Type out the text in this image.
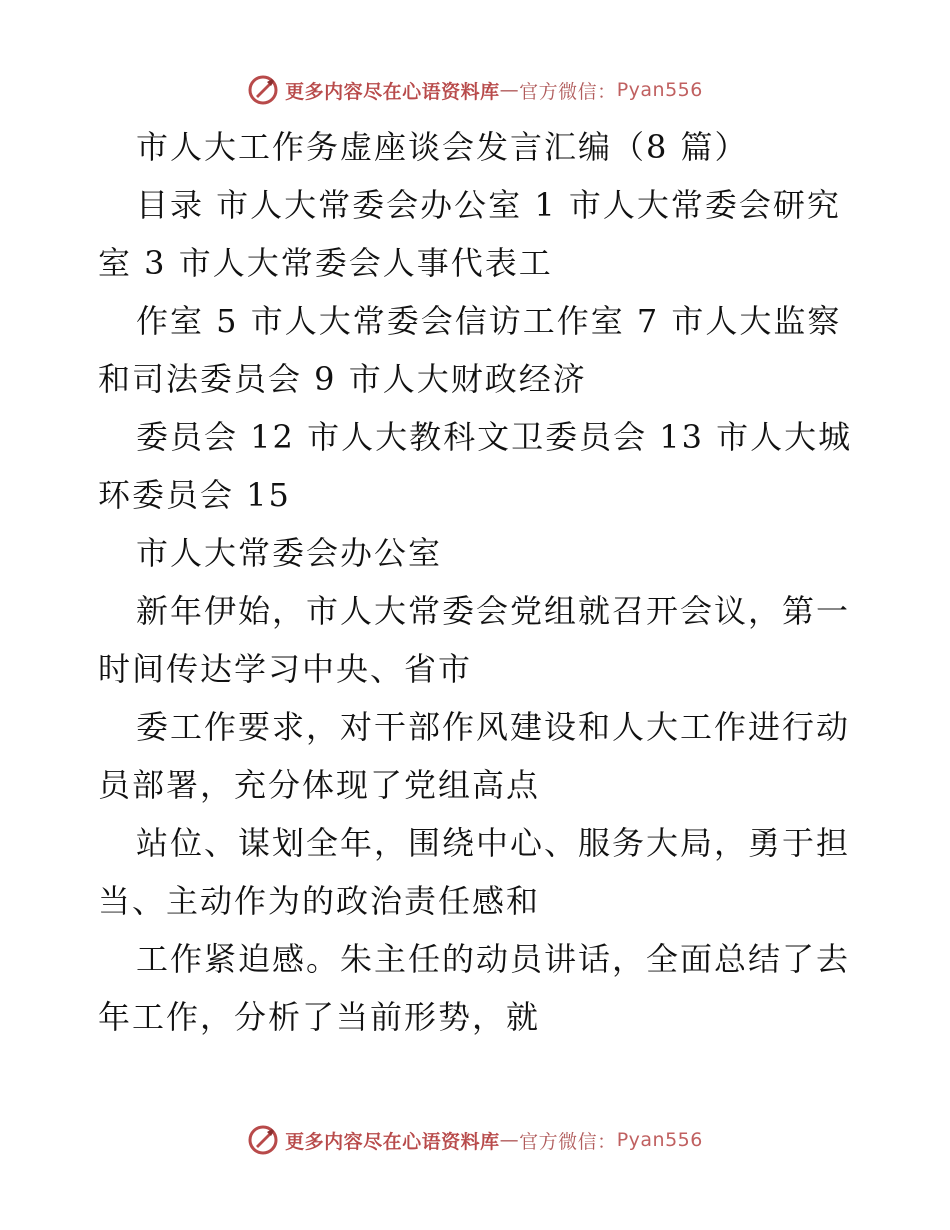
更多内容尽在心语资料库 — 官方微信： Pyan556

市人大工作务虚座谈会发言汇编（8 篇）

目录 市人大常委会办公室 1 市人大常委会研究室 3 市人大常委会人事代表工

作室 5 市人大常委会信访工作室 7 市人大监察和司法委员会 9 市人大财政经济

委员会 12 市人大教科文卫委员会 13 市人大城环委员会 15

市人大常委会办公室

新年伊始，市人大常委会党组就召开会议，第一时间传达学习中央、省市

委工作要求，对干部作风建设和人大工作进行动员部署，充分体现了党组高点

站位、谋划全年，围绕中心、服务大局，勇于担当、主动作为的政治责任感和

工作紧迫感。朱主任的动员讲话，全面总结了去年工作，分析了当前形势，就

更多内容尽在心语资料库 — 官方微信： Pyan556
